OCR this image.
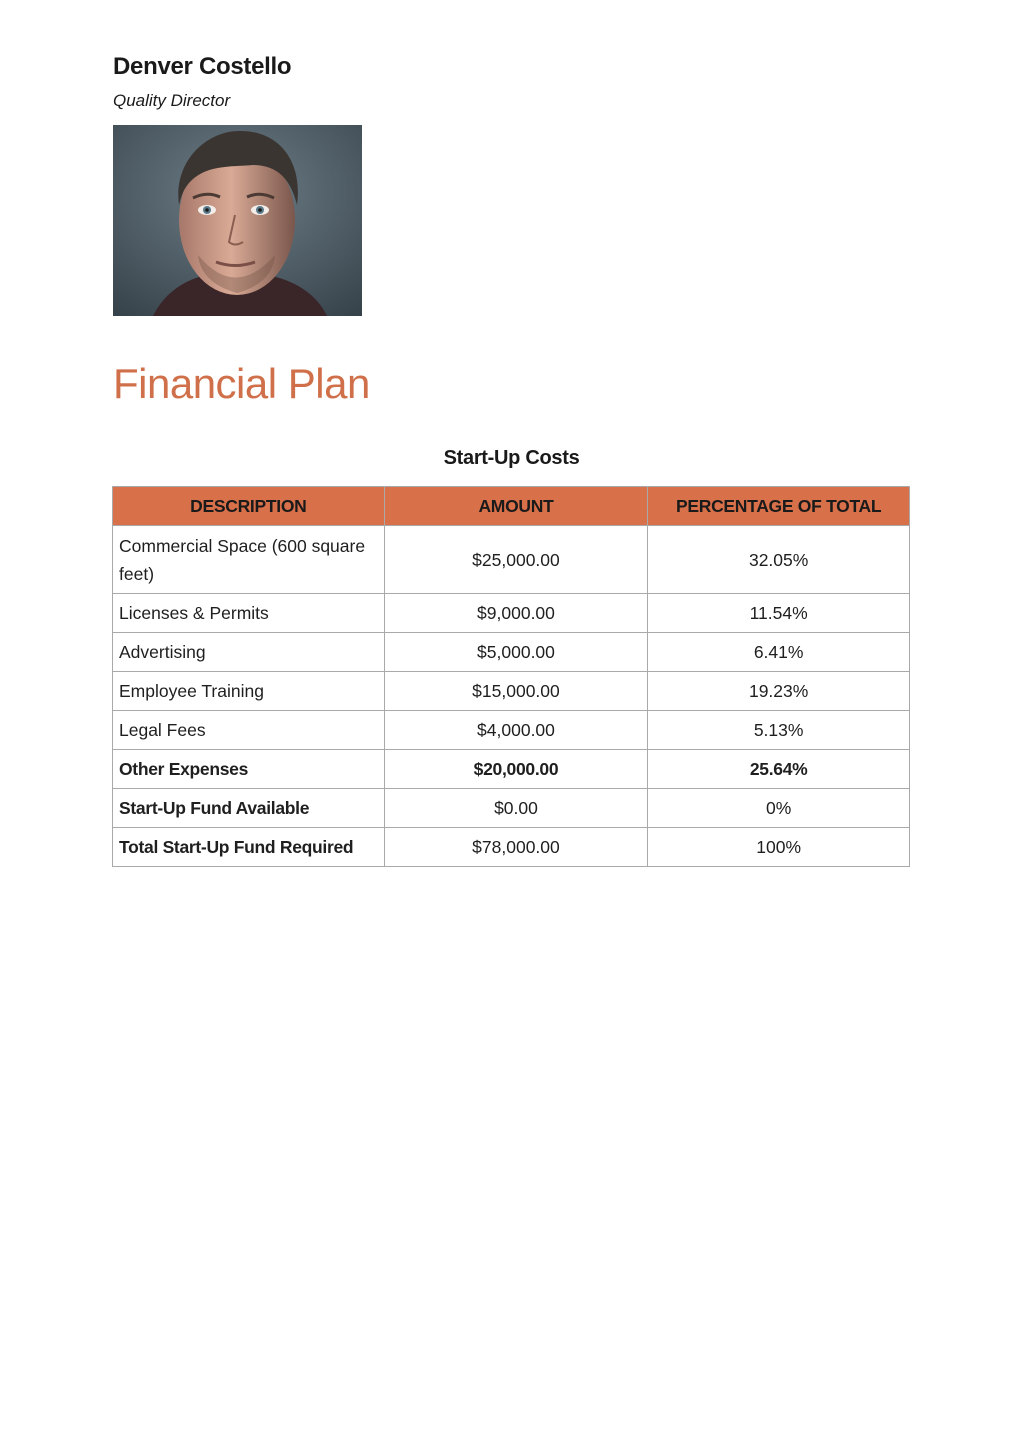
Denver Costello
Quality Director
Financial Plan
Start-Up Costs
DESCRIPTION	AMOUNT	PERCENTAGE OF TOTAL
Commercial Space (600 square feet)	$25,000.00	32.05%
Licenses & Permits	$9,000.00	11.54%
Advertising	$5,000.00	6.41%
Employee Training	$15,000.00	19.23%
Legal Fees	$4,000.00	5.13%
Other Expenses	$20,000.00	25.64%
Start-Up Fund Available	$0.00	0%
Total Start-Up Fund Required	$78,000.00	100%
